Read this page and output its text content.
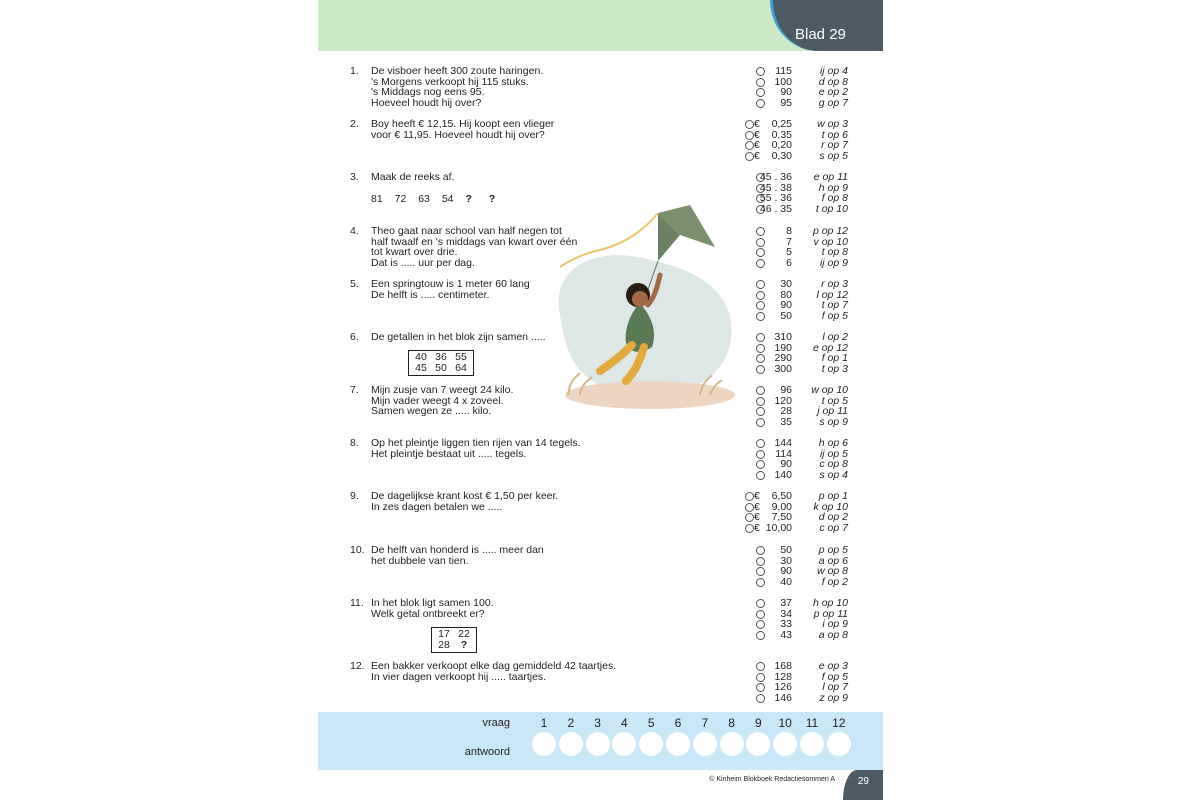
Blad 29
1.	De visboer heeft 300 zoute haringen.
's Morgens verkoopt hij 115 stuks.
's Middags nog eens 95.
Hoeveel houdt hij over?
115	ij op 4
100	d op 8
90	e op 2
95	g op 7
2.	Boy heeft € 12,15. Hij koopt een vlieger
voor € 11,95. Hoeveel houdt hij over?
€ 0,25	w op 3
€ 0,35	t op 6
€ 0,20	r op 7
€ 0,30	s op 5
3.	Maak de reeks af.	45 . 36	e op 11
45 . 38	h op 9
55 . 36	f op 8
46 . 35	t op 10
4.	Theo gaat naar school van half negen tot
half twaalf en 's middags van kwart over één
tot kwart over drie.
Dat is ..... uur per dag.
8	p op 12
7	v op 10
5	t op 8
6	ij op 9
5.	Een springtouw is 1 meter 60 lang
De helft is ..... centimeter.
30	r op 3
80	l op 12
90	t op 7
50	f op 5
6.	De getallen in het blok zijn samen .....	310	l op 2
190	e op 12
290	f op 1
300	t op 3
7.	Mijn zusje van 7 weegt 24 kilo.
Mijn vader weegt 4 x zoveel.
Samen wegen ze ..... kilo.
96	w op 10
120	t op 5
28	j op 11
35	s op 9
8.	Op het pleintje liggen tien rijen van 14 tegels.
Het pleintje bestaat uit ..... tegels.
144	h op 6
114	ij op 5
90	c op 8
140	s op 4
9.	De dagelijkse krant kost € 1,50 per keer.
In zes dagen betalen we .....
€ 6,50	p op 1
€ 9,00	k op 10
€ 7,50	d op 2
€ 10,00	c op 7
10. De helft van honderd is ..... meer dan
het dubbele van tien.
50	p op 5
30	a op 6
90	w op 8
40	f op 2
11. In het blok ligt samen 100.
Welk getal ontbreekt er?
37	h op 10
34	p op 11
33	i op 9
43	a op 8
12. Een bakker verkoopt elke dag gemiddeld 42 taartjes.
In vier dagen verkoopt hij ..... taartjes.
168	e op 3
128	f op 5
126	l op 7
146	z op 9
81 72 63 54 ? ?
40 36 55
45 50 64
17 22
28 ?
vraag
antwoord
1	2	3	4	5	6	7	8	9	10	11	12
© Kinheim Blokboek Redactiesommen A 29
